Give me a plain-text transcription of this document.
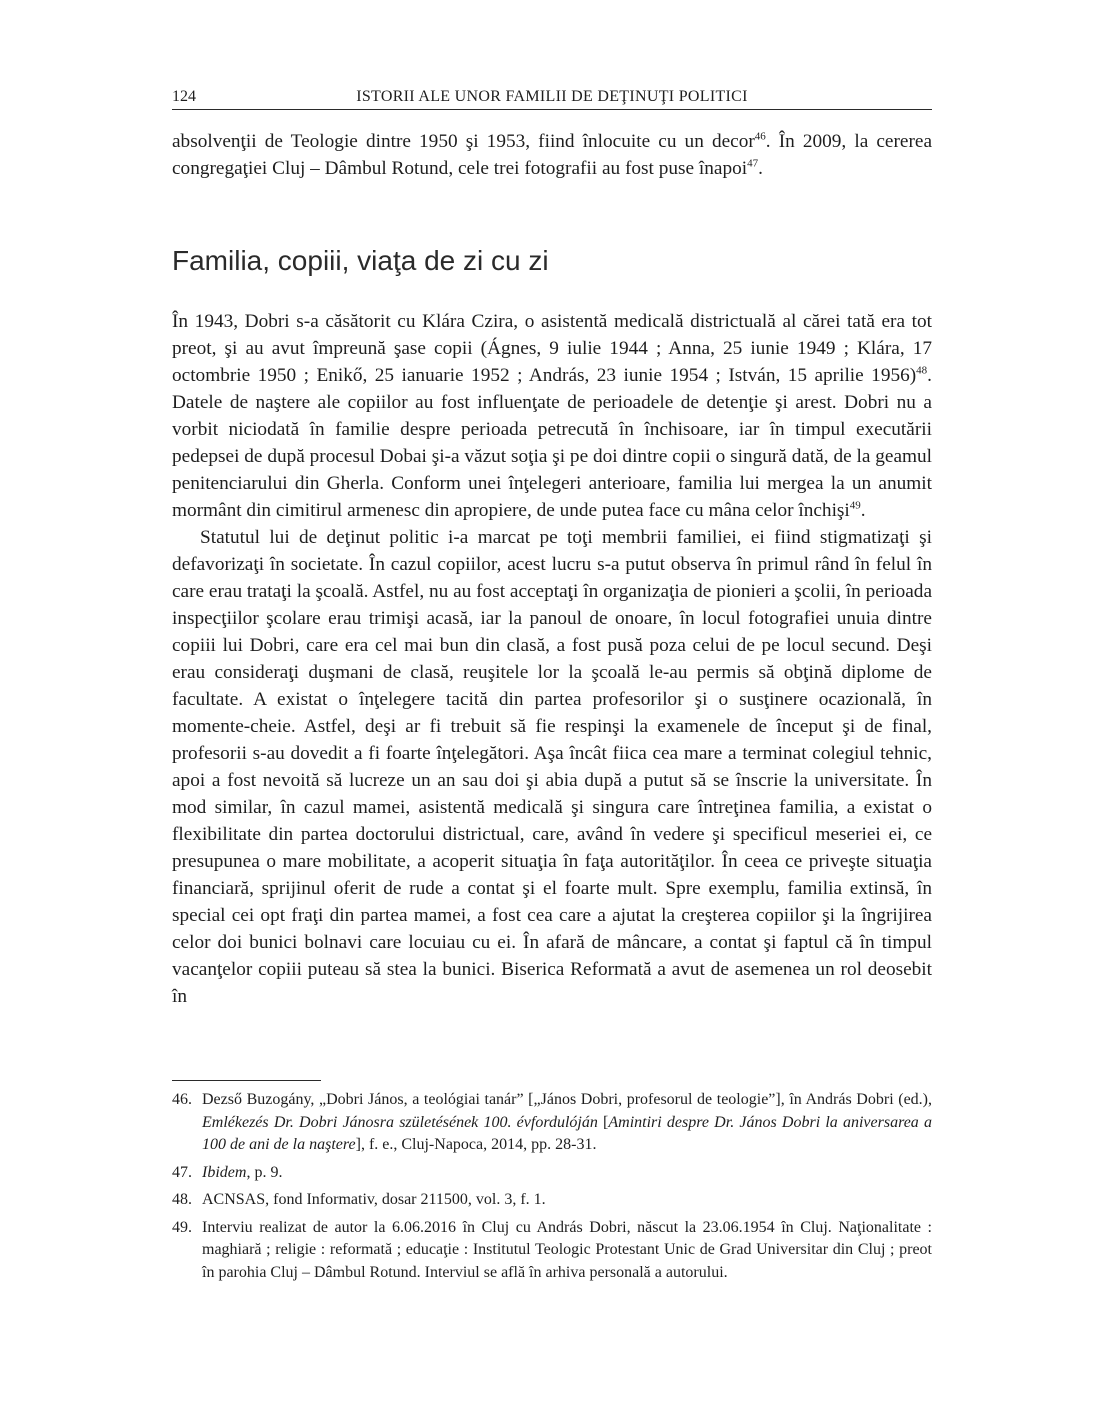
124	ISTORII ALE UNOR FAMILII DE DEŢINUŢI POLITICI

absolvenţii de Teologie dintre 1950 şi 1953, fiind înlocuite cu un decor$^{46}$. În 2009, la cererea congregaţiei Cluj – Dâmbul Rotund, cele trei fotografii au fost puse înapoi$^{47}$.

Familia, copiii, viaţa de zi cu zi

În 1943, Dobri s-a căsătorit cu Klára Czira, o asistentă medicală districtuală al cărei tată era tot preot, şi au avut împreună şase copii (Ágnes, 9 iulie 1944 ; Anna, 25 iunie 1949 ; Klára, 17 octombrie 1950 ; Enikő, 25 ianuarie 1952 ; András, 23 iunie 1954 ; István, 15 aprilie 1956)$^{48}$. Datele de naştere ale copiilor au fost influenţate de perioadele de detenţie şi arest. Dobri nu a vorbit niciodată în familie despre perioada petrecută în închisoare, iar în timpul executării pedepsei de după procesul Dobai şi-a văzut soţia şi pe doi dintre copii o singură dată, de la geamul penitenciarului din Gherla. Conform unei înţelegeri anterioare, familia lui mergea la un anumit mormânt din cimitirul armenesc din apropiere, de unde putea face cu mâna celor închişi$^{49}$.

Statutul lui de deţinut politic i-a marcat pe toţi membrii familiei, ei fiind stigmatizaţi şi defavorizaţi în societate. În cazul copiilor, acest lucru s-a putut observa în primul rând în felul în care erau trataţi la şcoală. Astfel, nu au fost acceptaţi în organizaţia de pionieri a şcolii, în perioada inspecţiilor şcolare erau trimişi acasă, iar la panoul de onoare, în locul fotografiei unuia dintre copiii lui Dobri, care era cel mai bun din clasă, a fost pusă poza celui de pe locul secund. Deşi erau consideraţi duşmani de clasă, reuşitele lor la şcoală le-au permis să obţină diplome de facultate. A existat o înţelegere tacită din partea profesorilor şi o susţinere ocazională, în momente-cheie. Astfel, deşi ar fi trebuit să fie respinşi la examenele de început şi de final, profesorii s-au dovedit a fi foarte înţelegători. Aşa încât fiica cea mare a terminat colegiul tehnic, apoi a fost nevoită să lucreze un an sau doi şi abia după a putut să se înscrie la universitate. În mod similar, în cazul mamei, asistentă medicală şi singura care întreţinea familia, a existat o flexibilitate din partea doctorului districtual, care, având în vedere şi specificul meseriei ei, ce presupunea o mare mobilitate, a acoperit situaţia în faţa autorităţilor. În ceea ce priveşte situaţia financiară, sprijinul oferit de rude a contat şi el foarte mult. Spre exemplu, familia extinsă, în special cei opt fraţi din partea mamei, a fost cea care a ajutat la creşterea copiilor şi la îngrijirea celor doi bunici bolnavi care locuiau cu ei. În afară de mâncare, a contat şi faptul că în timpul vacanţelor copiii puteau să stea la bunici. Biserica Reformată a avut de asemenea un rol deosebit în

46. Dezső Buzogány, „Dobri János, a teológiai tanár” [„János Dobri, profesorul de teologie”], în András Dobri (ed.), Emlékezés Dr. Dobri Jánosra születésének 100. évfordulóján [Amintiri despre Dr. János Dobri la aniversarea a 100 de ani de la naştere], f. e., Cluj-Napoca, 2014, pp. 28-31.
47. Ibidem, p. 9.
48. ACNSAS, fond Informativ, dosar 211500, vol. 3, f. 1.
49. Interviu realizat de autor la 6.06.2016 în Cluj cu András Dobri, născut la 23.06.1954 în Cluj. Naţionalitate : maghiară ; religie : reformată ; educaţie : Institutul Teologic Protestant Unic de Grad Universitar din Cluj ; preot în parohia Cluj – Dâmbul Rotund. Interviul se află în arhiva personală a autorului.
